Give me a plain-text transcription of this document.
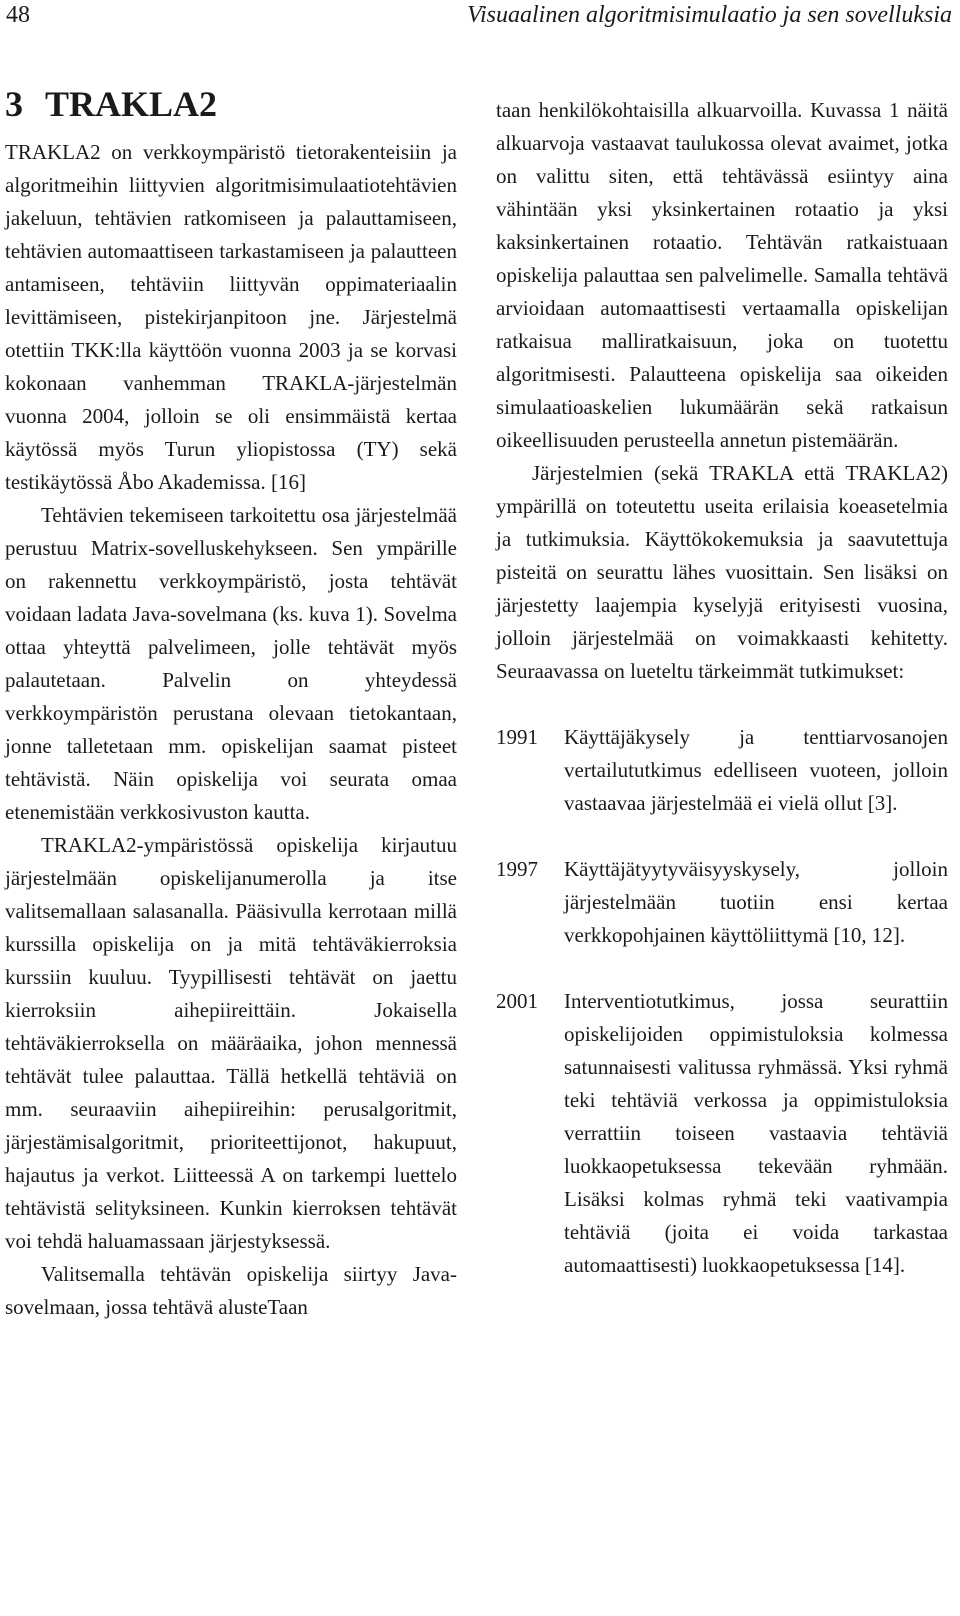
48	Visuaalinen algoritmisimulaatio ja sen sovelluksia
3 TRAKLA2

TRAKLA2 on verkkoympäristö tietorakenteisiin ja algoritmeihin liittyvien algoritmisimulaatiotehtävien jakeluun, tehtävien ratkomiseen ja palauttamiseen, tehtävien automaattiseen tarkastamiseen ja palautteen antamiseen, tehtäviin liittyvän oppimateriaalin levittämiseen, pistekirjanpitoon jne. Järjestelmä otettiin TKK:lla käyttöön vuonna 2003 ja se korvasi kokonaan vanhemman TRAKLA-järjestelmän vuonna 2004, jolloin se oli ensimmäistä kertaa käytössä myös Turun yliopistossa (TY) sekä testikäytössä Åbo Akademissa. [16]

Tehtävien tekemiseen tarkoitettu osa järjestelmää perustuu Matrix-sovelluskehykseen. Sen ympärille on rakennettu verkkoympäristö, josta tehtävät voidaan ladata Java-sovelmana (ks. kuva 1). Sovelma ottaa yhteyttä palvelimeen, jolle tehtävät myös palautetaan. Palvelin on yhteydessä verkkoympäristön perustana olevaan tietokantaan, jonne talletetaan mm. opiskelijan saamat pisteet tehtävistä. Näin opiskelija voi seurata omaa etenemistään verkkosivuston kautta.

TRAKLA2-ympäristössä opiskelija kirjautuu järjestelmään opiskelijanumerolla ja itse valitsemallaan salasanalla. Pääsivulla kerrotaan millä kurssilla opiskelija on ja mitä tehtäväkierroksia kurssiin kuuluu. Tyypillisesti tehtävät on jaettu kierroksiin aihepiireittäin. Jokaisella tehtäväkierroksella on määräaika, johon mennessä tehtävät tulee palauttaa. Tällä hetkellä tehtäviä on mm. seuraaviin aihepiireihin: perusalgoritmit, järjestämisalgoritmit, prioriteettijonot, hakupuut, hajautus ja verkot. Liitteessä A on tarkempi luettelo tehtävistä selityksineen. Kunkin kierroksen tehtävät voi tehdä haluamassaan järjestyksessä.

Valitsemalla tehtävän opiskelija siirtyy Java-sovelmaan, jossa tehtävä alusteTaan

taan henkilökohtaisilla alkuarvoilla. Kuvassa 1 näitä alkuarvoja vastaavat taulukossa olevat avaimet, jotka on valittu siten, että tehtävässä esiintyy aina vähintään yksi yksinkertainen rotaatio ja yksi kaksinkertainen rotaatio. Tehtävän ratkaistuaan opiskelija palauttaa sen palvelimelle. Samalla tehtävä arvioidaan automaattisesti vertaamalla opiskelijan ratkaisua malliratkaisuun, joka on tuotettu algoritmisesti. Palautteena opiskelija saa oikeiden simulaatioaskelien lukumäärän sekä ratkaisun oikeellisuuden perusteella annetun pistemäärän.

Järjestelmien (sekä TRAKLA että TRAKLA2) ympärillä on toteutettu useita erilaisia koeasetelmia ja tutkimuksia. Käyttökokemuksia ja saavutettuja pisteitä on seurattu lähes vuosittain. Sen lisäksi on järjestetty laajempia kyselyjä erityisesti vuosina, jolloin järjestelmää on voimakkaasti kehitetty. Seuraavassa on lueteltu tärkeimmät tutkimukset:

1991	Käyttäjäkysely ja tenttiarvosanojen vertailututkimus edelliseen vuoteen, jolloin vastaavaa järjestelmää ei vielä ollut [3].
1997	Käyttäjätyytyväisyyskysely, jolloin järjestelmään tuotiin ensi kertaa verkkopohjainen käyttöliittymä [10, 12].
2001	Interventiotutkimus, jossa seurattiin opiskelijoiden oppimistuloksia kolmessa satunnaisesti valitussa ryhmässä. Yksi ryhmä teki tehtäviä verkossa ja oppimistuloksia verrattiin toiseen vastaavia tehtäviä luokkaopetuksessa tekevään ryhmään. Lisäksi kolmas ryhmä teki vaativampia tehtäviä (joita ei voida tarkastaa automaattisesti) luokkaopetuksessa [14].
